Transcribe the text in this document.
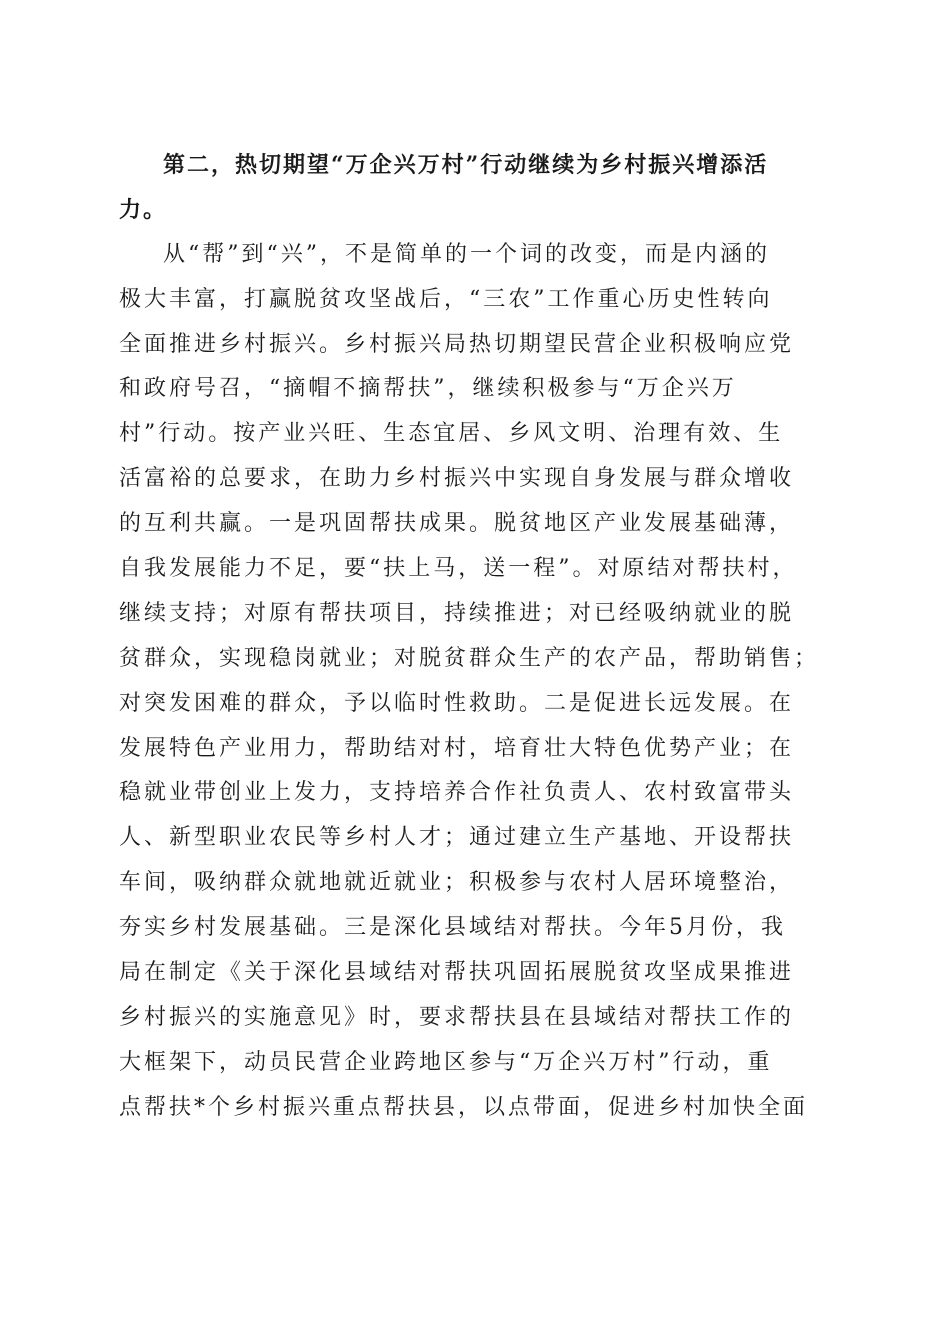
第二，热切期望“万企兴万村”行动继续为乡村振兴增添活
力。
从“帮”到“兴”，不是简单的一个词的改变，而是内涵的
极大丰富，打赢脱贫攻坚战后，“三农”工作重心历史性转向
全面推进乡村振兴。乡村振兴局热切期望民营企业积极响应党
和政府号召，“摘帽不摘帮扶”，继续积极参与“万企兴万
村”行动。按产业兴旺、生态宜居、乡风文明、治理有效、生
活富裕的总要求，在助力乡村振兴中实现自身发展与群众增收
的互利共赢。一是巩固帮扶成果。脱贫地区产业发展基础薄，
自我发展能力不足，要“扶上马，送一程”。对原结对帮扶村，
继续支持；对原有帮扶项目，持续推进；对已经吸纳就业的脱
贫群众，实现稳岗就业；对脱贫群众生产的农产品，帮助销售；
对突发困难的群众，予以临时性救助。二是促进长远发展。在
发展特色产业用力，帮助结对村，培育壮大特色优势产业；在
稳就业带创业上发力，支持培养合作社负责人、农村致富带头
人、新型职业农民等乡村人才；通过建立生产基地、开设帮扶
车间，吸纳群众就地就近就业；积极参与农村人居环境整治，
夯实乡村发展基础。三是深化县域结对帮扶。今年5月份，我
局在制定《关于深化县域结对帮扶巩固拓展脱贫攻坚成果推进
乡村振兴的实施意见》时，要求帮扶县在县域结对帮扶工作的
大框架下，动员民营企业跨地区参与“万企兴万村”行动，重
点帮扶*个乡村振兴重点帮扶县，以点带面，促进乡村加快全面
